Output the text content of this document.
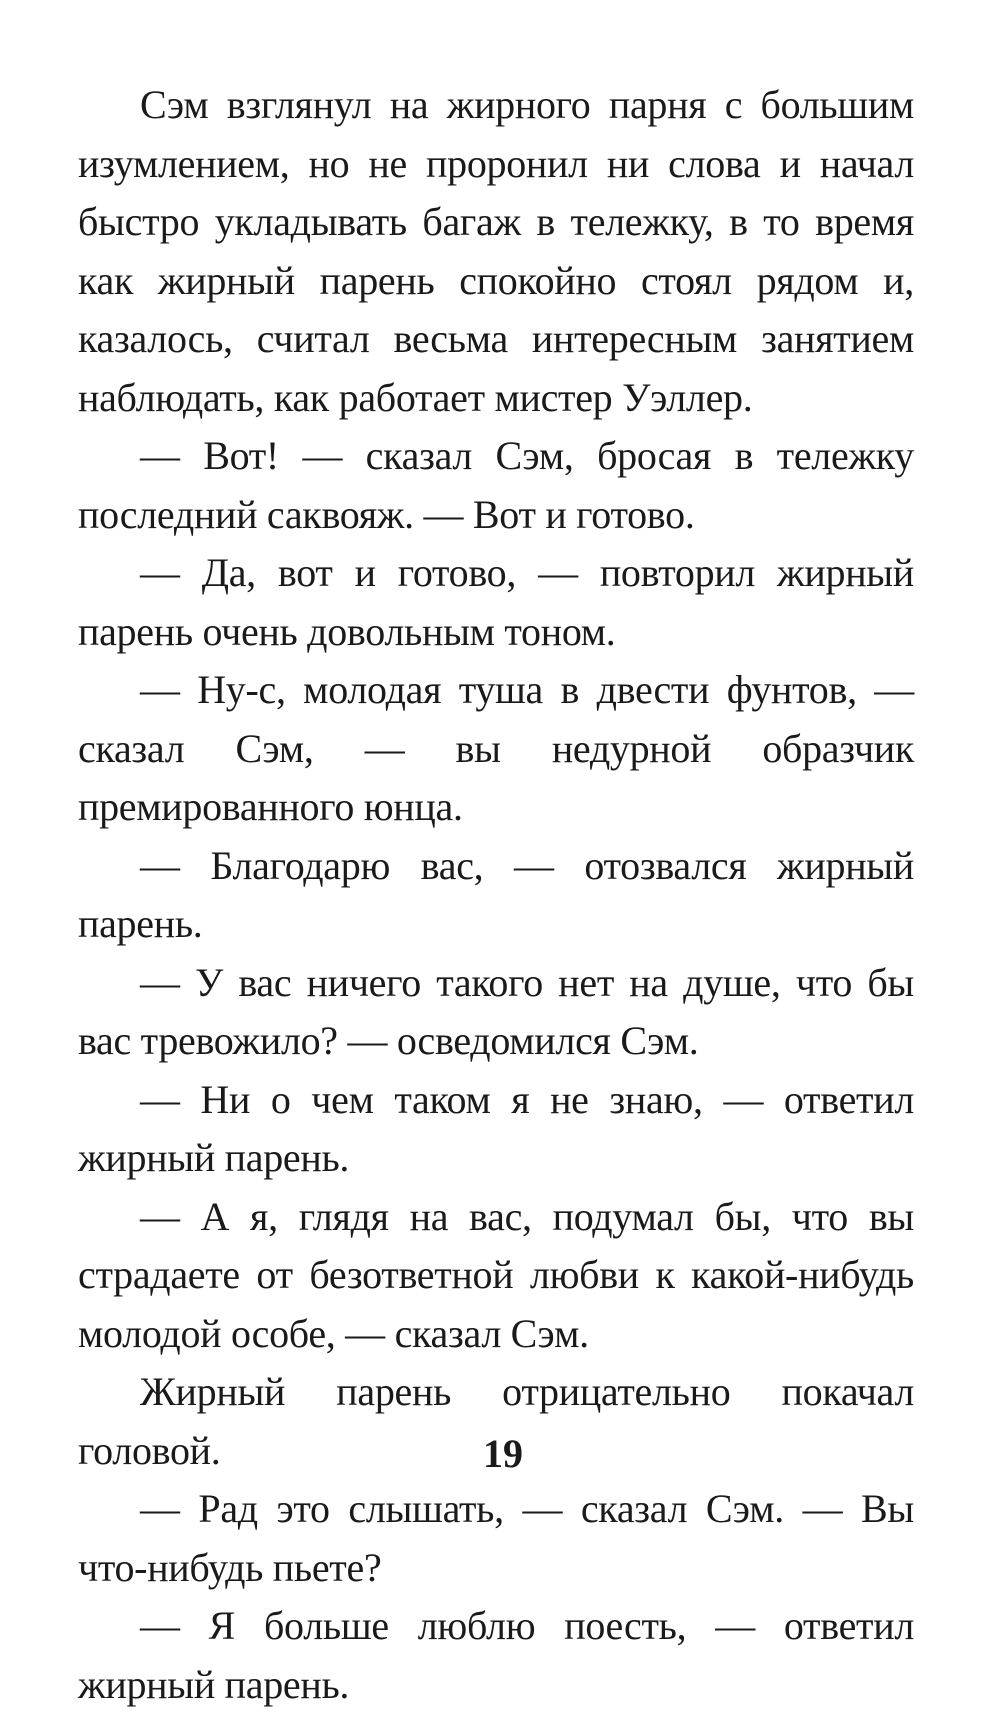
Сэм взглянул на жирного парня с большим изумлением, но не проронил ни слова и начал быстро укладывать багаж в тележку, в то время как жирный парень спокойно стоял рядом и, казалось, считал весьма интересным занятием наблюдать, как работает мистер Уэллер.

— Вот! — сказал Сэм, бросая в тележку последний саквояж. — Вот и готово.

— Да, вот и готово, — повторил жирный парень очень довольным тоном.

— Ну-с, молодая туша в двести фунтов, — сказал Сэм, — вы недурной образчик премированного юнца.

— Благодарю вас, — отозвался жирный парень.

— У вас ничего такого нет на душе, что бы вас тревожило? — осведомился Сэм.

— Ни о чем таком я не знаю, — ответил жирный парень.

— А я, глядя на вас, подумал бы, что вы страдаете от безответной любви к какой-нибудь молодой особе, — сказал Сэм.

Жирный парень отрицательно покачал головой.

— Рад это слышать, — сказал Сэм. — Вы что-нибудь пьете?

— Я больше люблю поесть, — ответил жирный парень.

19
